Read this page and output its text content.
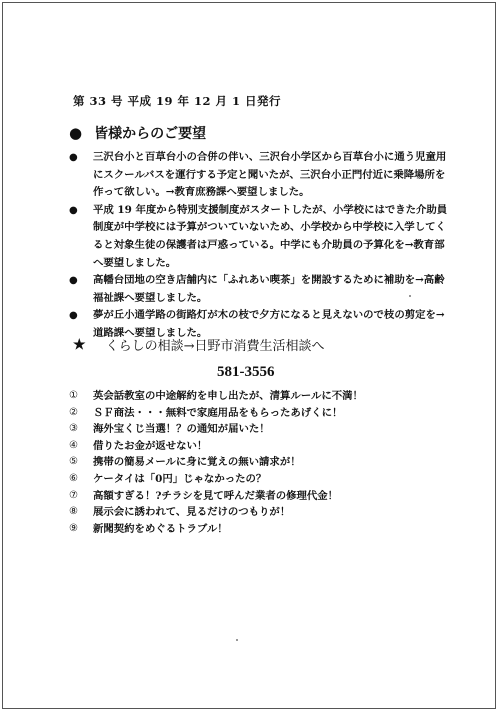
第 33 号 平成 19 年 12 月 1 日発行
● 皆様からのご要望
●	三沢台小と百草台小の合併の伴い、三沢台小学区から百草台小に通う児童用にスクールバスを運行する予定と聞いたが、三沢台小正門付近に乗降場所を作って欲しい。→教育庶務課へ要望しました。
●	平成 19 年度から特別支援制度がスタートしたが、小学校にはできた介助員制度が中学校には予算がついていないため、小学校から中学校に入学してくると対象生徒の保護者は戸惑っている。中学にも介助員の予算化を→教育部へ要望しました。
●	高幡台団地の空き店舗内に「ふれあい喫茶」を開設するために補助を→高齢福祉課へ要望しました。
●	夢が丘小通学路の街路灯が木の枝で夕方になると見えないので枝の剪定を→道路課へ要望しました。
★ くらしの相談→日野市消費生活相談へ
581-3556
①	英会話教室の中途解約を申し出たが、清算ルールに不満！
②	ＳＦ商法・・・無料で家庭用品をもらったあげくに！
③	海外宝くじ当選！？の通知が届いた！
④	借りたお金が返せない！
⑤	携帯の簡易メールに身に覚えの無い請求が！
⑥	ケータイは「0円」じゃなかったの？
⑦	高額すぎる！?チラシを見て呼んだ業者の修理代金！
⑧	展示会に誘われて、見るだけのつもりが！
⑨	新聞契約をめぐるトラブル！
